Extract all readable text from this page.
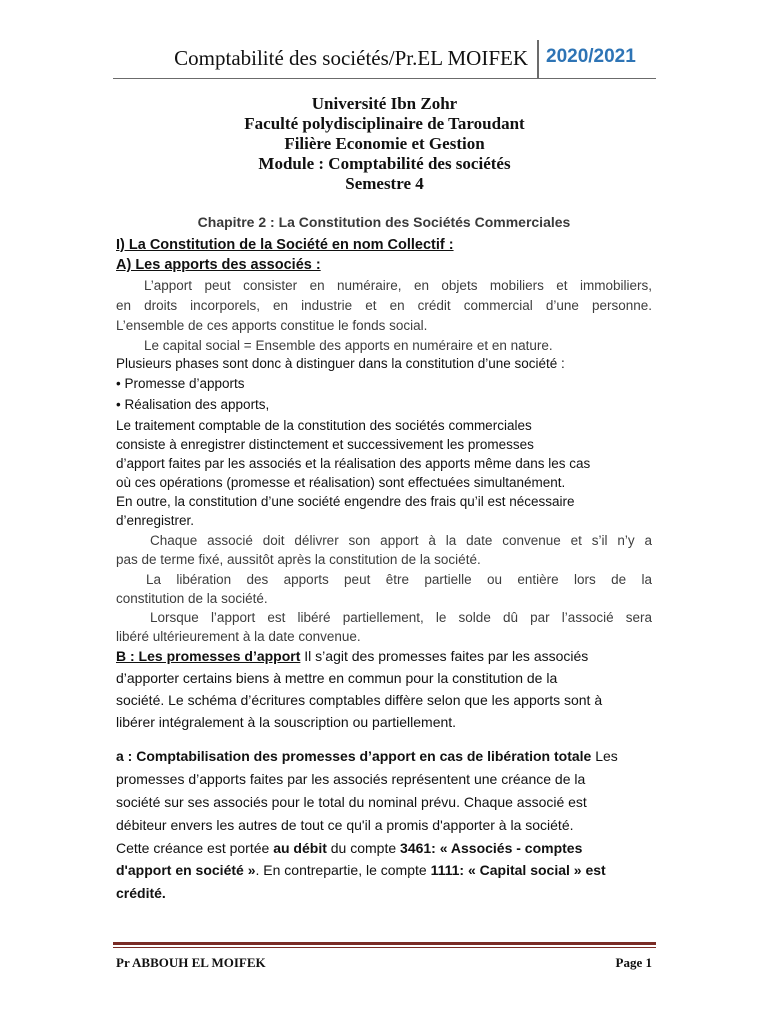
Comptabilité des sociétés/Pr.EL MOIFEK 2020/2021
Université Ibn Zohr
Faculté polydisciplinaire de Taroudant
Filière Economie et Gestion
Module : Comptabilité des sociétés
Semestre 4
Chapitre 2 : La Constitution des Sociétés Commerciales
I) La Constitution de la Société en nom Collectif :
A) Les apports des associés :
L’apport peut consister en numéraire, en objets mobiliers et immobiliers,
en droits incorporels, en industrie et en crédit commercial d’une personne.
L’ensemble de ces apports constitue le fonds social.
Le capital social = Ensemble des apports en numéraire et en nature.
Plusieurs phases sont donc à distinguer dans la constitution d’une société :
• Promesse d’apports
• Réalisation des apports,
Le traitement comptable de la constitution des sociétés commerciales
consiste à enregistrer distinctement et successivement les promesses
d’apport faites par les associés et la réalisation des apports même dans les cas
où ces opérations (promesse et réalisation) sont effectuées simultanément.
En outre, la constitution d’une société engendre des frais qu’il est nécessaire
d’enregistrer.
Chaque associé doit délivrer son apport à la date convenue et s’il n’y a
pas de terme fixé, aussitôt après la constitution de la société.
La libération des apports peut être partielle ou entière lors de la
constitution de la société.
Lorsque l’apport est libéré partiellement, le solde dû par l’associé sera
libéré ultérieurement à la date convenue.
B : Les promesses d’apport Il s’agit des promesses faites par les associés
d’apporter certains biens à mettre en commun pour la constitution de la
société. Le schéma d’écritures comptables diffère selon que les apports sont à
libérer intégralement à la souscription ou partiellement.
a : Comptabilisation des promesses d’apport en cas de libération totale Les
promesses d’apports faites par les associés représentent une créance de la
société sur ses associés pour le total du nominal prévu. Chaque associé est
débiteur envers les autres de tout ce qu'il a promis d'apporter à la société.
Cette créance est portée au débit du compte 3461: « Associés - comptes
d'apport en société ». En contrepartie, le compte 1111: « Capital social » est
crédité.
Pr ABBOUH EL MOIFEK	Page 1
